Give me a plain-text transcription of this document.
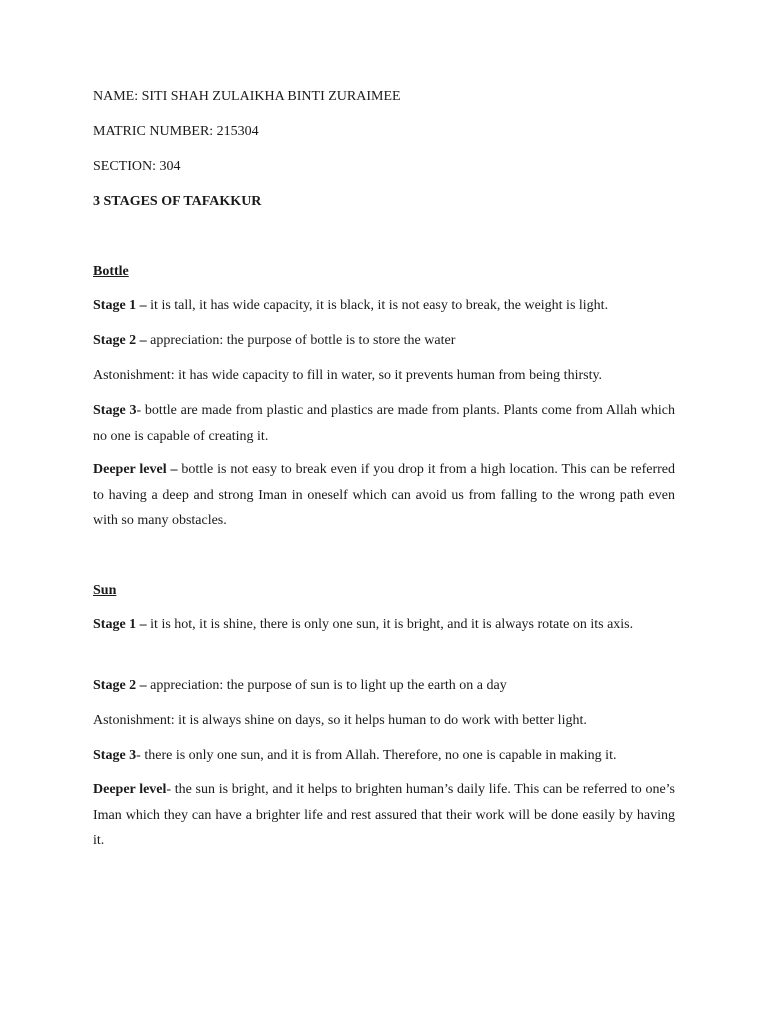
NAME: SITI SHAH ZULAIKHA BINTI ZURAIMEE

MATRIC NUMBER: 215304

SECTION: 304

3 STAGES OF TAFAKKUR

Bottle

Stage 1 – it is tall, it has wide capacity, it is black, it is not easy to break, the weight is light.

Stage 2 – appreciation: the purpose of bottle is to store the water

Astonishment: it has wide capacity to fill in water, so it prevents human from being thirsty.

Stage 3- bottle are made from plastic and plastics are made from plants. Plants come from Allah which no one is capable of creating it.

Deeper level – bottle is not easy to break even if you drop it from a high location. This can be referred to having a deep and strong Iman in oneself which can avoid us from falling to the wrong path even with so many obstacles.

Sun

Stage 1 – it is hot, it is shine, there is only one sun, it is bright, and it is always rotate on its axis.

Stage 2 – appreciation: the purpose of sun is to light up the earth on a day

Astonishment: it is always shine on days, so it helps human to do work with better light.

Stage 3- there is only one sun, and it is from Allah. Therefore, no one is capable in making it.

Deeper level- the sun is bright, and it helps to brighten human’s daily life. This can be referred to one’s Iman which they can have a brighter life and rest assured that their work will be done easily by having it.
